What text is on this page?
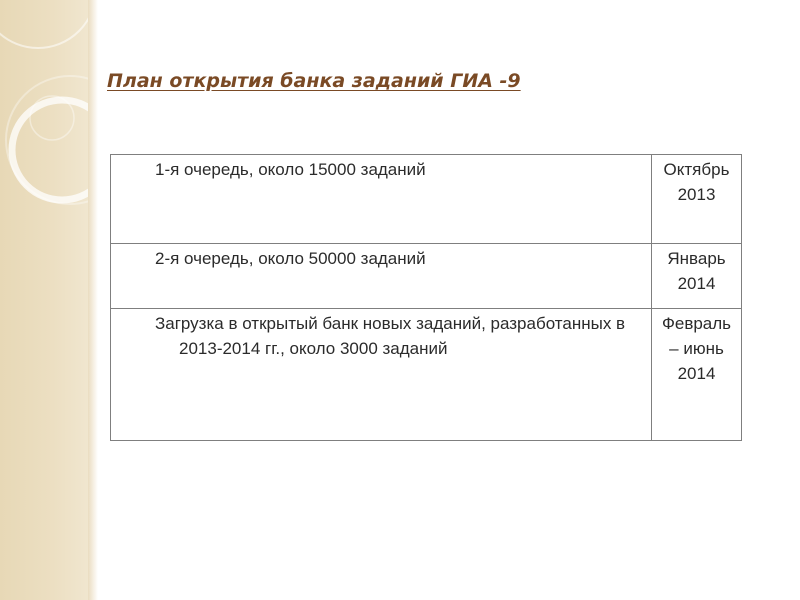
План открытия банка заданий ГИА -9
1-я очередь, около 15000 заданий	Октябрь 2013

2-я очередь, около 50000 заданий	Январь 2014

Загрузка в открытый банк новых заданий, разработанных в 2013-2014 гг., около 3000 заданий	Февраль – июнь 2014
